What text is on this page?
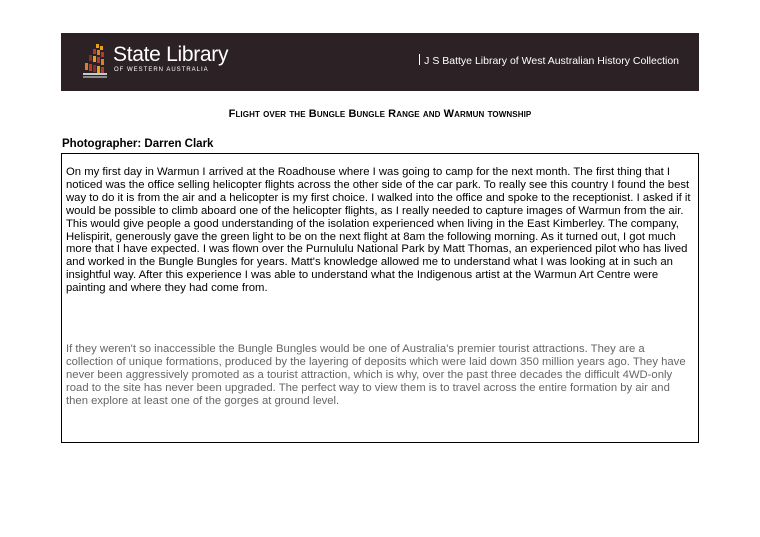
State Library
OF WESTERN AUSTRALIA
J S Battye Library of West Australian History Collection
Flight over the Bungle Bungle Range and Warmun township
Photographer: Darren Clark

On my first day in Warmun I arrived at the Roadhouse where I was going to camp for the next month. The first thing that I noticed was the office selling helicopter flights across the other side of the car park. To really see this country I found the best way to do it is from the air and a helicopter is my first choice. I walked into the office and spoke to the receptionist. I asked if it would be possible to climb aboard one of the helicopter flights, as I really needed to capture images of Warmun from the air. This would give people a good understanding of the isolation experienced when living in the East Kimberley. The company, Heli​spirit, generously gave the green light to be on the next flight at 8am the following morning. As it turned out, I got much more that I have expected. I was flown over the Purnululu National Park by Matt Thomas, an experienced pilot who has lived and worked in the Bungle Bungles for years. Matt's knowledge allowed me to understand what I was looking at in such an insightful way. After this experience I was able to understand what the Indigenous artist at the Warmun Art Centre were painting and where they had come from.

If they weren't so inaccessible the Bungle Bungles would be one of Australia's premier tourist attractions. They are a collection of unique formations, produced by the layering of deposits which were laid down 350 million years ago. They have never been aggressively promoted as a tourist attraction, which is why, over the past three decades the difficult 4WD-only road to the site has never been upgraded. The perfect way to view them is to travel across the entire formation by air and then explore at least one of the gorges at ground level.
